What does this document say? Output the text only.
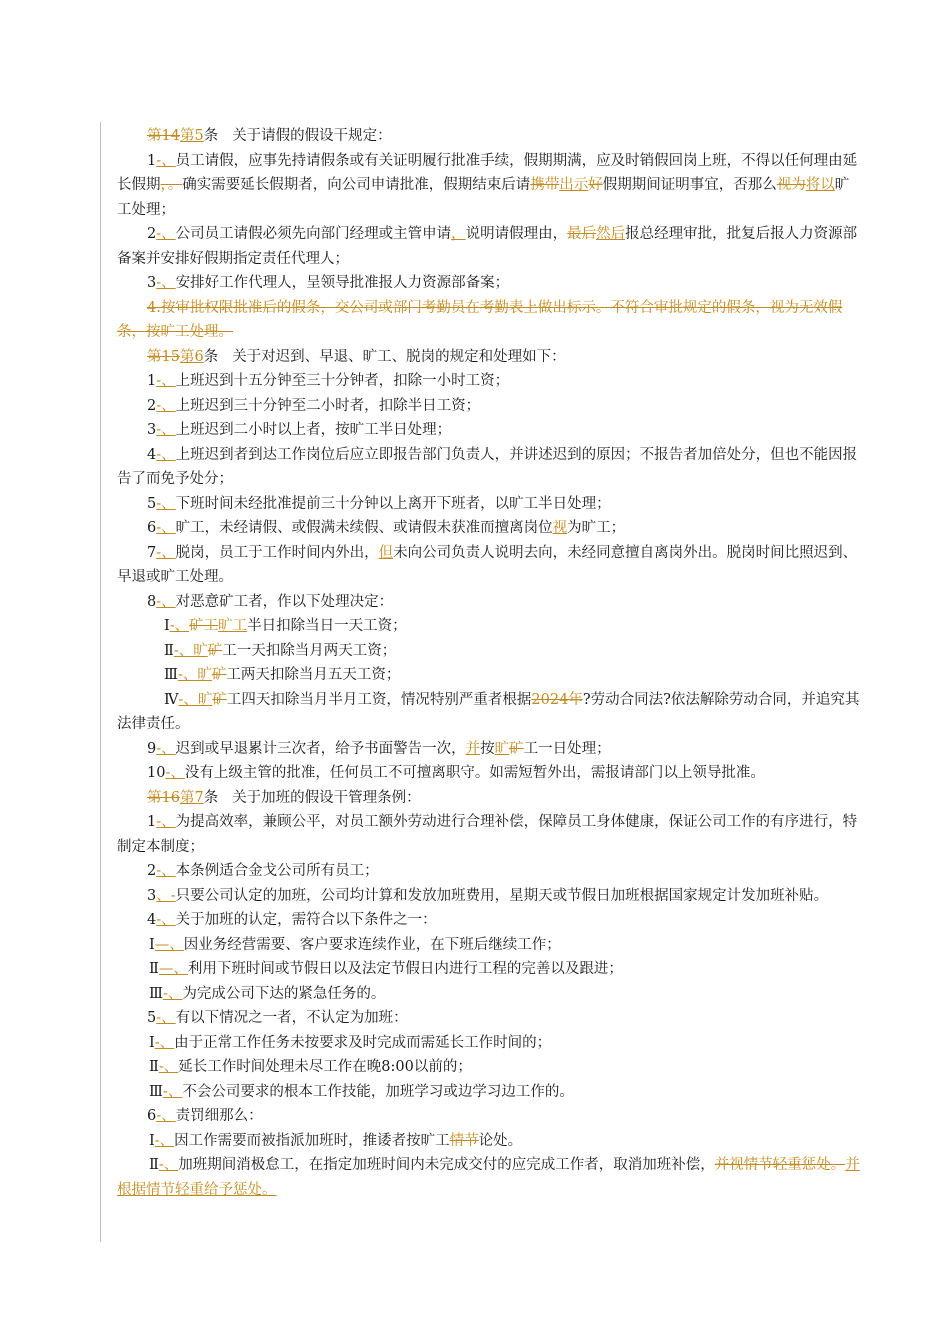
第14第5条 关于请假的假设干规定：

1-、员工请假，应事先持请假条或有关证明履行批准手续，假期期满，应及时销假回岗上班，不得以任何理由延长假期，。确实需要延长假期者，向公司申请批准，假期结束后请携带出示好假期期间证明事宜，否那么视为将以旷工处理；

2-、公司员工请假必须先向部门经理或主管申请，说明请假理由，最后然后报总经理审批，批复后报人力资源部备案并安排好假期指定责任代理人；

3-、安排好工作代理人，呈领导批准报人力资源部备案；

4.按审批权限批准后的假条，交公司或部门考勤员在考勤表上做出标示。不符合审批规定的假条，视为无效假条，按旷工处理。

第15第6条 关于对迟到、早退、旷工、脱岗的规定和处理如下：

1-、上班迟到十五分钟至三十分钟者，扣除一小时工资；

2-、上班迟到三十分钟至二小时者，扣除半日工资；

3-、上班迟到二小时以上者，按旷工半日处理；

4-、上班迟到者到达工作岗位后应立即报告部门负责人，并讲述迟到的原因；不报告者加倍处分，但也不能因报告了而免予处分；

5-、下班时间未经批准提前三十分钟以上离开下班者，以旷工半日处理；

6-、旷工，未经请假、或假满未续假、或请假未获准而擅离岗位视为旷工；

7-、脱岗，员工于工作时间内外出，但未向公司负责人说明去向，未经同意擅自离岗外出。脱岗时间比照迟到、早退或旷工处理。

8-、对恶意矿工者，作以下处理决定：

Ⅰ-、矿工旷工半日扣除当日一天工资；

Ⅱ-、旷矿工一天扣除当月两天工资；

Ⅲ-、旷矿工两天扣除当月五天工资；

Ⅳ-、旷矿工四天扣除当月半月工资，情况特别严重者根据2024年?劳动合同法?依法解除劳动合同，并追究其法律责任。

9-、迟到或早退累计三次者，给予书面警告一次，并按旷矿工一日处理；

10-、没有上级主管的批准，任何员工不可擅离职守。如需短暂外出，需报请部门以上领导批准。

第16第7条 关于加班的假设干管理条例：

1-、为提高效率，兼顾公平，对员工额外劳动进行合理补偿，保障员工身体健康，保证公司工作的有序进行，特制定本制度；

2-、本条例适合金戈公司所有员工；

3、-只要公司认定的加班，公司均计算和发放加班费用，星期天或节假日加班根据国家规定计发加班补贴。

4-、关于加班的认定，需符合以下条件之一：

Ⅰ—、因业务经营需要、客户要求连续作业，在下班后继续工作；

Ⅱ—、利用下班时间或节假日以及法定节假日内进行工程的完善以及跟进；

Ⅲ-、为完成公司下达的紧急任务的。

5-、有以下情况之一者，不认定为加班：

Ⅰ-、由于正常工作任务未按要求及时完成而需延长工作时间的；

Ⅱ-、延长工作时间处理未尽工作在晚8:00以前的；

Ⅲ-、不会公司要求的根本工作技能，加班学习或边学习边工作的。

6-、责罚细那么：

Ⅰ-、因工作需要而被指派加班时，推诿者按旷工情节论处。

Ⅱ-、加班期间消极怠工，在指定加班时间内未完成交付的应完成工作者，取消加班补偿，并视情节轻重惩处。并根据情节轻重给予惩处。
